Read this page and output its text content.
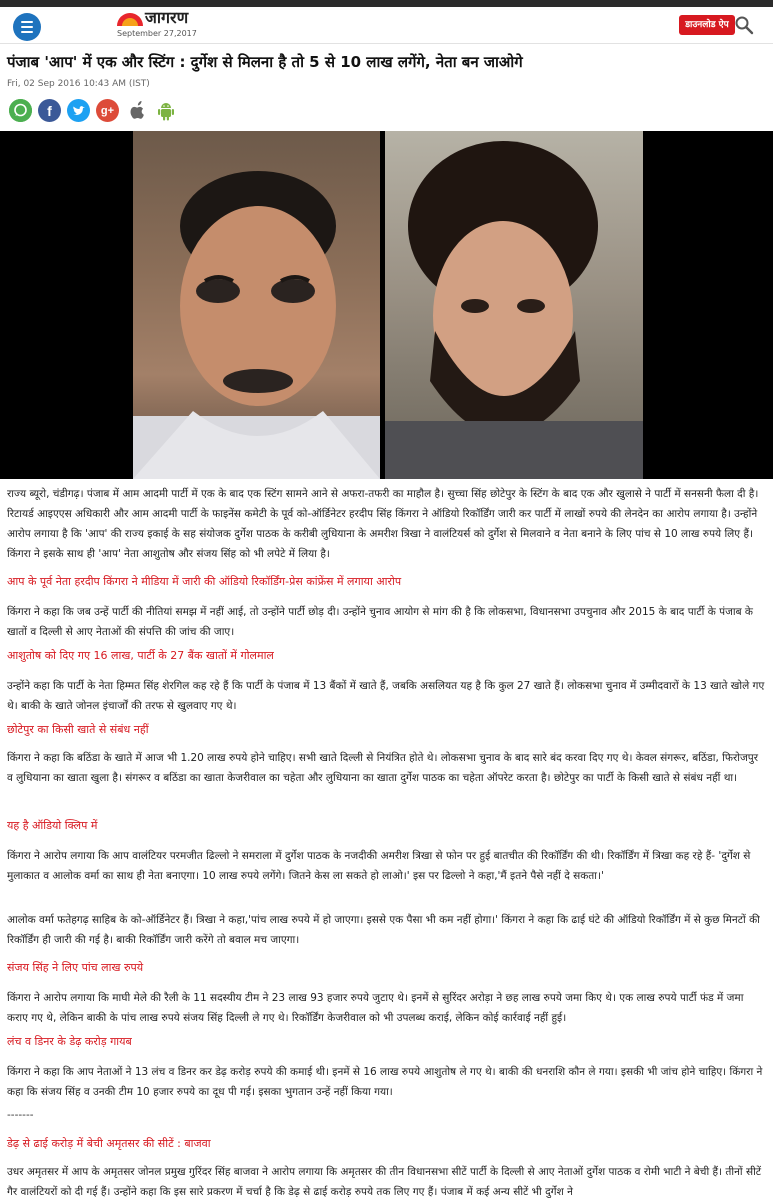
जागरण
September 27,2017
डाउनलोड ऐप
पंजाब 'आप' में एक और स्टिंग : दुर्गेश से मिलना है तो 5 से 10 लाख लगेंगे, नेता बन जाओगे
Fri, 02 Sep 2016 10:43 AM (IST)
f	g+
राज्य ब्यूरो, चंडीगढ़। पंजाब में आम आदमी पार्टी में एक के बाद एक स्टिंग सामने आने से अफरा-तफरी का माहौल है। सुच्चा सिंह छोटेपुर के स्टिंग के बाद एक और खुलासे ने पार्टी में सनसनी फैला दी है। रिटायर्ड आइएएस अधिकारी और आम आदमी पार्टी के फाइनेंस कमेटी के पूर्व को-ऑर्डिनेटर हरदीप सिंह किंगरा ने ऑडियो रिकॉर्डिंग जारी कर पार्टी में लाखों रुपये की लेनदेन का आरोप लगाया है। उन्होंने आरोप लगाया है कि 'आप' की राज्य इकाई के सह संयोजक दुर्गेश पाठक के करीबी लुधियाना के अमरीश त्रिखा ने वालंटियर्स को दुर्गेश से मिलवाने व नेता बनाने के लिए पांच से 10 लाख रुपये लिए हैं। किंगरा ने इसके साथ ही 'आप' नेता आशुतोष और संजय सिंह को भी लपेटे में लिया है।
आप के पूर्व नेता हरदीप किंगरा ने मीडिया में जारी की ऑडियो रिकॉर्डिंग-प्रेस कांफ्रेंस में लगाया आरोप
किंगरा ने कहा कि जब उन्हें पार्टी की नीतियां समझ में नहीं आई, तो उन्होंने पार्टी छोड़ दी। उन्होंने चुनाव आयोग से मांग की है कि लोकसभा, विधानसभा उपचुनाव और 2015 के बाद पार्टी के पंजाब के खातों व दिल्ली से आए नेताओं की संपत्ति की जांच की जाए।
आशुतोष को दिए गए 16 लाख, पार्टी के 27 बैंक खातों में गोलमाल
उन्होंने कहा कि पार्टी के नेता हिम्मत सिंह शेरगिल कह रहे हैं कि पार्टी के पंजाब में 13 बैंकों में खाते हैं, जबकि असलियत यह है कि कुल 27 खाते हैं। लोकसभा चुनाव में उम्मीदवारों के 13 खाते खोले गए थे। बाकी के खाते जोनल इंचार्जों की तरफ से खुलवाए गए थे।
छोटेपुर का किसी खाते से संबंध नहीं
किंगरा ने कहा कि बठिंडा के खाते में आज भी 1.20 लाख रुपये होने चाहिए। सभी खाते दिल्ली से नियंत्रित होते थे। लोकसभा चुनाव के बाद सारे बंद करवा दिए गए थे। केवल संगरूर, बठिंडा, फिरोजपुर व लुधियाना का खाता खुला है। संगरूर व बठिंडा का खाता केजरीवाल का चहेता और लुधियाना का खाता दुर्गेश पाठक का चहेता ऑपरेट करता है। छोटेपुर का पार्टी के किसी खाते से संबंध नहीं था।
यह है ऑडियो क्लिप में
किंगरा ने आरोप लगाया कि आप वालंटियर परमजीत ढिल्लो ने समराला में दुर्गेश पाठक के नजदीकी अमरीश त्रिखा से फोन पर हुई बातचीत की रिकॉर्डिंग की थी। रिकॉर्डिंग में त्रिखा कह रहे हैं- 'दुर्गेश से मुलाकात व आलोक वर्मा का साथ ही नेता बनाएगा। 10 लाख रुपये लगेंगे। जितने केस ला सकते हो लाओ।' इस पर ढिल्लो ने कहा,'मैं इतने पैसे नहीं दे सकता।'
आलोक वर्मा फतेहगढ़ साहिब के को-ऑर्डिनेटर हैं। त्रिखा ने कहा,'पांच लाख रुपये में हो जाएगा। इससे एक पैसा भी कम नहीं होगा।' किंगरा ने कहा कि ढाई घंटे की ऑडियो रिकॉर्डिंग में से कुछ मिनटों की रिकॉर्डिंग ही जारी की गई है। बाकी रिकॉर्डिंग जारी करेंगे तो बवाल मच जाएगा।
संजय सिंह ने लिए पांच लाख रुपये
किंगरा ने आरोप लगाया कि माघी मेले की रैली के 11 सदस्यीय टीम ने 23 लाख 93 हजार रुपये जुटाए थे। इनमें से सुरिंदर अरोड़ा ने छह लाख रुपये जमा किए थे। एक लाख रुपये पार्टी फंड में जमा कराए गए थे, लेकिन बाकी के पांच लाख रुपये संजय सिंह दिल्ली ले गए थे। रिकॉर्डिंग केजरीवाल को भी उपलब्ध कराई, लेकिन कोई कार्रवाई नहीं हुई।
लंच व डिनर के डेढ़ करोड़ गायब
किंगरा ने कहा कि आप नेताओं ने 13 लंच व डिनर कर डेढ़ करोड़ रुपये की कमाई थी। इनमें से 16 लाख रुपये आशुतोष ले गए थे। बाकी की धनराशि कौन ले गया। इसकी भी जांच होने चाहिए। किंगरा ने कहा कि संजय सिंह व उनकी टीम 10 हजार रुपये का दूध पी गई। इसका भुगतान उन्हें नहीं किया गया।
-------
डेढ़ से ढाई करोड़ में बेची अमृतसर की सीटें : बाजवा
उधर अमृतसर में आप के अमृतसर जोनल प्रमुख गुरिंदर सिंह बाजवा ने आरोप लगाया कि अमृतसर की तीन विधानसभा सीटें पार्टी के दिल्ली से आए नेताओं दुर्गेश पाठक व रोमी भाटी ने बेची हैं। तीनों सीटें गैर वालंटियरों को दी गई हैं। उन्होंने कहा कि इस सारे प्रकरण में चर्चा है कि डेढ़ से ढाई करोड़ रुपये तक लिए गए हैं। पंजाब में कई अन्य सीटें भी दुर्गेश ने
